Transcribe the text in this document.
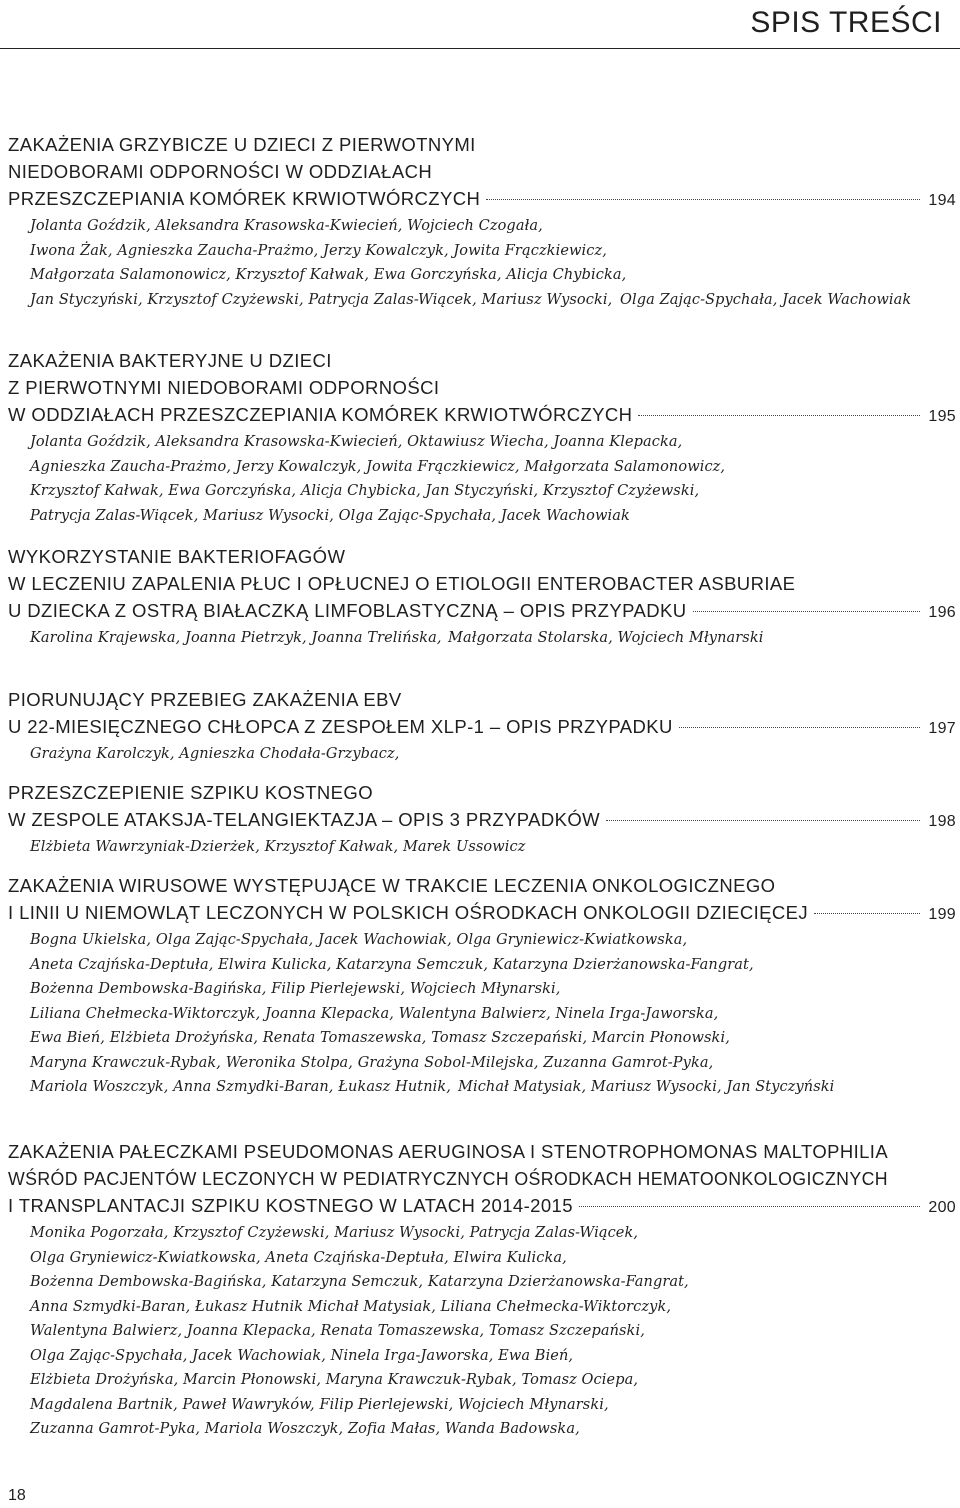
SPIS TREŚCI
ZAKAŻENIA GRZYBICZE U DZIECI Z PIERWOTNYMI
NIEDOBORAMI ODPORNOŚCI W ODDZIAŁACH
PRZESZCZEPIANIA KOMÓREK KRWIOTWÓRCZYCH	194
Jolanta Goździk, Aleksandra Krasowska-Kwiecień, Wojciech Czogała, Iwona Żak, Agnieszka Zaucha-Prażmo, Jerzy Kowalczyk, Jowita Frączkiewicz, Małgorzata Salamonowicz, Krzysztof Kałwak, Ewa Gorczyńska, Alicja Chybicka, Jan Styczyński, Krzysztof Czyżewski, Patrycja Zalas-Wiącek, Mariusz Wysocki, Olga Zając-Spychała, Jacek Wachowiak
ZAKAŻENIA BAKTERYJNE U DZIECI
Z PIERWOTNYMI NIEDOBORAMI ODPORNOŚCI
W ODDZIAŁACH PRZESZCZEPIANIA KOMÓREK KRWIOTWÓRCZYCH	195
Jolanta Goździk, Aleksandra Krasowska-Kwiecień, Oktawiusz Wiecha, Joanna Klepacka, Agnieszka Zaucha-Prażmo, Jerzy Kowalczyk, Jowita Frączkiewicz, Małgorzata Salamonowicz, Krzysztof Kałwak, Ewa Gorczyńska, Alicja Chybicka, Jan Styczyński, Krzysztof Czyżewski, Patrycja Zalas-Wiącek, Mariusz Wysocki, Olga Zając-Spychała, Jacek Wachowiak
WYKORZYSTANIE BAKTERIOFAGÓW
W LECZENIU ZAPALENIA PŁUC I OPŁUCNEJ O ETIOLOGII ENTEROBACTER ASBURIAE
U DZIECKA Z OSTRĄ BIAŁACZKĄ LIMFOBLASTYCZNĄ – OPIS PRZYPADKU	196
Karolina Krajewska, Joanna Pietrzyk, Joanna Trelińska, Małgorzata Stolarska, Wojciech Młynarski
PIORUNUJĄCY PRZEBIEG ZAKAŻENIA EBV
U 22-MIESIĘCZNEGO CHŁOPCA Z ZESPOŁEM XLP-1 – OPIS PRZYPADKU	197
Grażyna Karolczyk, Agnieszka Chodała-Grzybacz,
PRZESZCZEPIENIE SZPIKU KOSTNEGO
W ZESPOLE ATAKSJA-TELANGIEKTAZJA – OPIS 3 PRZYPADKÓW	198
Elżbieta Wawrzyniak-Dzierżek, Krzysztof Kałwak, Marek Ussowicz
ZAKAŻENIA WIRUSOWE WYSTĘPUJĄCE W TRAKCIE LECZENIA ONKOLOGICZNEGO
I LINII U NIEMOWLĄT LECZONYCH W POLSKICH OŚRODKACH ONKOLOGII DZIECIĘCEJ	199
Bogna Ukielska, Olga Zając-Spychała, Jacek Wachowiak, Olga Gryniewicz-Kwiatkowska, Aneta Czajńska-Deptuła, Elwira Kulicka, Katarzyna Semczuk, Katarzyna Dzierżanowska-Fangrat, Bożenna Dembowska-Bagińska, Filip Pierlejewski, Wojciech Młynarski, Liliana Chełmecka-Wiktorczyk, Joanna Klepacka, Walentyna Balwierz, Ninela Irga-Jaworska, Ewa Bień, Elżbieta Drożyńska, Renata Tomaszewska, Tomasz Szczepański, Marcin Płonowski, Maryna Krawczuk-Rybak, Weronika Stolpa, Grażyna Sobol-Milejska, Zuzanna Gamrot-Pyka, Mariola Woszczyk, Anna Szmydki-Baran, Łukasz Hutnik, Michał Matysiak, Mariusz Wysocki, Jan Styczyński
ZAKAŻENIA PAŁECZKAMI PSEUDOMONAS AERUGINOSA I STENOTROPHOMONAS MALTOPHILIA
WŚRÓD PACJENTÓW LECZONYCH W PEDIATRYCZNYCH OŚRODKACH HEMATOONKOLOGICZNYCH
I TRANSPLANTACJI SZPIKU KOSTNEGO W LATACH 2014-2015	200
Monika Pogorzała, Krzysztof Czyżewski, Mariusz Wysocki, Patrycja Zalas-Wiącek, Olga Gryniewicz-Kwiatkowska, Aneta Czajńska-Deptuła, Elwira Kulicka, Bożenna Dembowska-Bagińska, Katarzyna Semczuk, Katarzyna Dzierżanowska-Fangrat, Anna Szmydki-Baran, Łukasz Hutnik Michał Matysiak, Liliana Chełmecka-Wiktorczyk, Walentyna Balwierz, Joanna Klepacka, Renata Tomaszewska, Tomasz Szczepański, Olga Zając-Spychała, Jacek Wachowiak, Ninela Irga-Jaworska, Ewa Bień, Elżbieta Drożyńska, Marcin Płonowski, Maryna Krawczuk-Rybak, Tomasz Ociepa, Magdalena Bartnik, Paweł Wawryków, Filip Pierlejewski, Wojciech Młynarski, Zuzanna Gamrot-Pyka, Mariola Woszczyk, Zofia Małas, Wanda Badowska,
18
